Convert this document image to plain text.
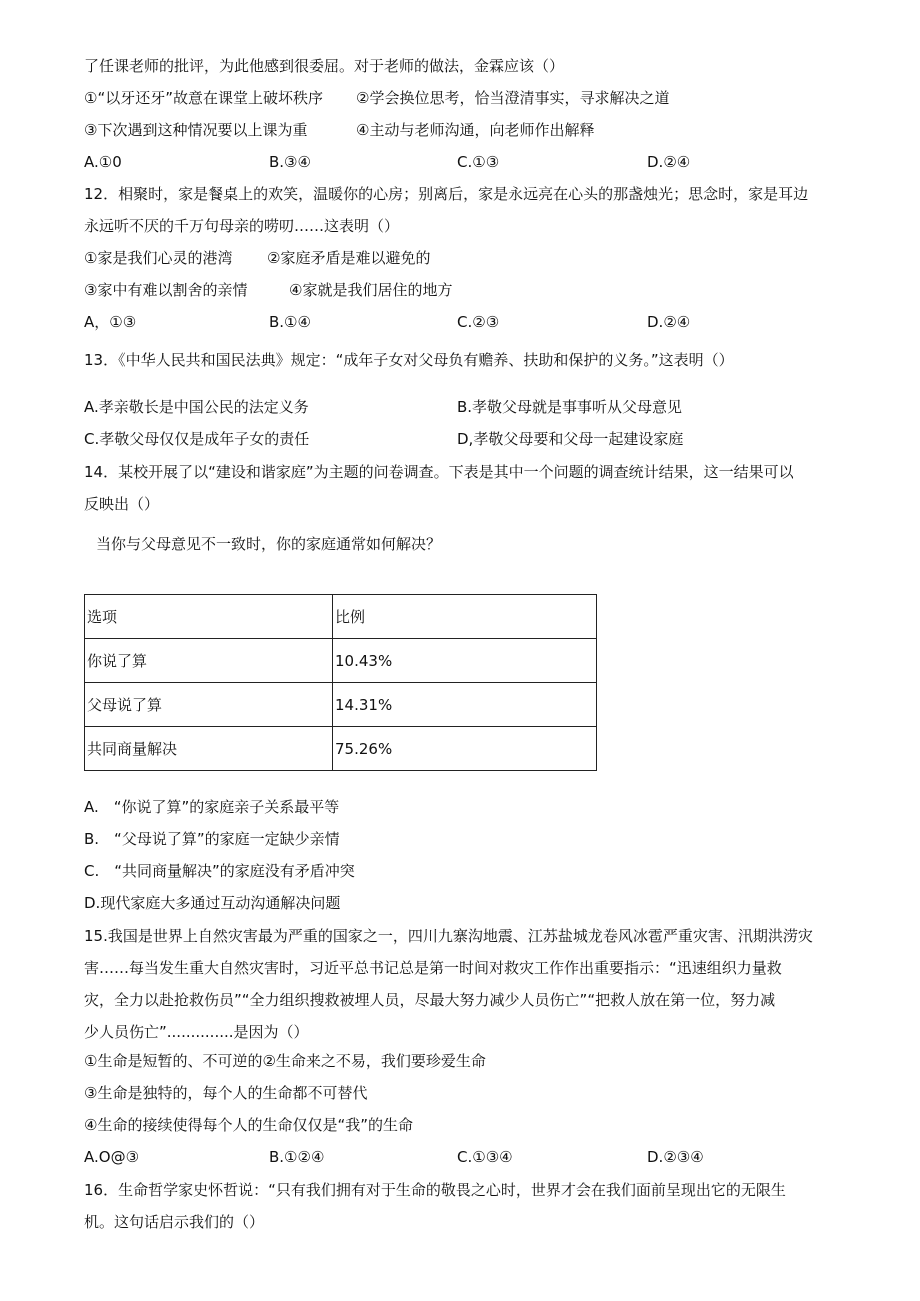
了任课老师的批评，为此他感到很委屈。对于老师的做法，金霖应该（）
①“以牙还牙”故意在课堂上破坏秩序 ②学会换位思考，恰当澄清事实，寻求解决之道
③下次遇到这种情况要以上课为重	④主动与老师沟通，向老师作出解释
A.①0	B.③④	C.①③	D.②④
12．相聚时，家是餐桌上的欢笑，温暖你的心房；别离后，家是永远亮在心头的那盏烛光；思念时，家是耳边
永远听不厌的千万句母亲的唠叨……这表明（）
①家是我们心灵的港湾 ②家庭矛盾是难以避免的
③家中有难以割舍的亲情	④家就是我们居住的地方
A，①③	B.①④	C.②③	D.②④
13．《中华人民共和国民法典》规定：“成年子女对父母负有赡养、扶助和保护的义务。”这表明（）
A.孝亲敬长是中国公民的法定义务	B.孝敬父母就是事事听从父母意见
C.孝敬父母仅仅是成年子女的责任	D,孝敬父母要和父母一起建设家庭
14．某校开展了以“建设和谐家庭”为主题的问卷调查。下表是其中一个问题的调查统计结果，这一结果可以
反映出（）
当你与父母意见不一致时，你的家庭通常如何解决？
选项	比例
你说了算	10.43%
父母说了算	14.31%
共同商量解决	75.26%
A.　“你说了算”的家庭亲子关系最平等
B.　“父母说了算”的家庭一定缺少亲情
C.　“共同商量解决”的家庭没有矛盾冲突
D.现代家庭大多通过互动沟通解决问题
15.我国是世界上自然灾害最为严重的国家之一，四川九寨沟地震、江苏盐城龙卷风冰雹严重灾害、汛期洪涝灾
害……每当发生重大自然灾害时，习近平总书记总是第一时间对救灾工作作出重要指示：“迅速组织力量救
灾，全力以赴抢救伤员”“全力组织搜救被埋人员，尽最大努力减少人员伤亡”“把救人放在第一位，努力减
少人员伤亡”..............是因为（）
①生命是短暂的、不可逆的②生命来之不易，我们要珍爱生命
③生命是独特的，每个人的生命都不可替代
④生命的接续使得每个人的生命仅仅是“我”的生命
A.O@③	B.①②④	C.①③④	D.②③④
16．生命哲学家史怀哲说：“只有我们拥有对于生命的敬畏之心时，世界才会在我们面前呈现出它的无限生
机。这句话启示我们的（）
